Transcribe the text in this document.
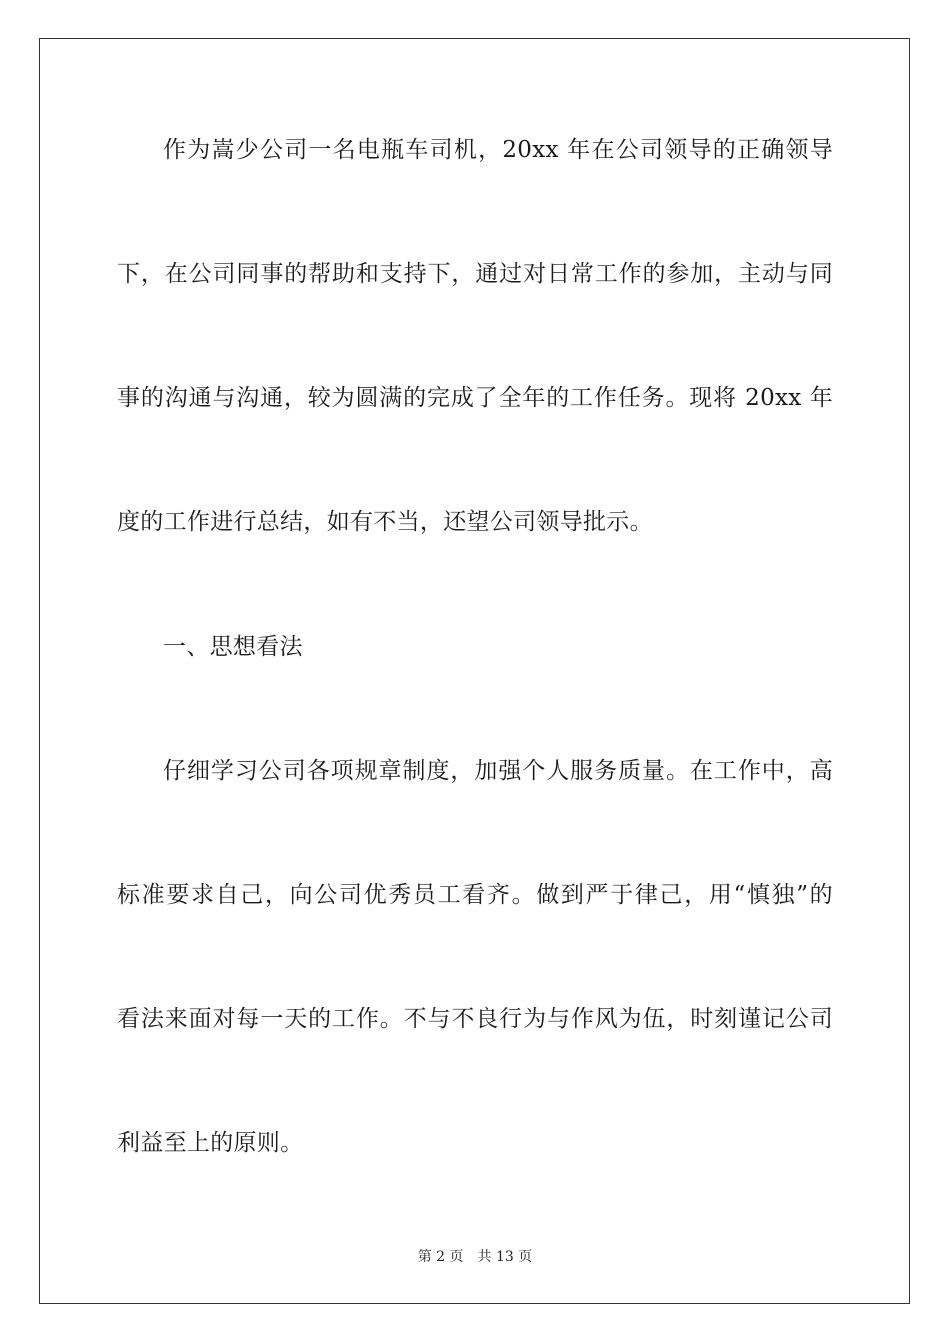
作为嵩少公司一名电瓶车司机，20xx 年在公司领导的正确领导
下，在公司同事的帮助和支持下，通过对日常工作的参加，主动与同
事的沟通与沟通，较为圆满的完成了全年的工作任务。现将 20xx 年
度的工作进行总结，如有不当，还望公司领导批示。
一、思想看法
仔细学习公司各项规章制度，加强个人服务质量。在工作中，高
标准要求自己，向公司优秀员工看齐。做到严于律己，用“慎独”的
看法来面对每一天的工作。不与不良行为与作风为伍，时刻谨记公司
利益至上的原则。
第 2 页 共 13 页
